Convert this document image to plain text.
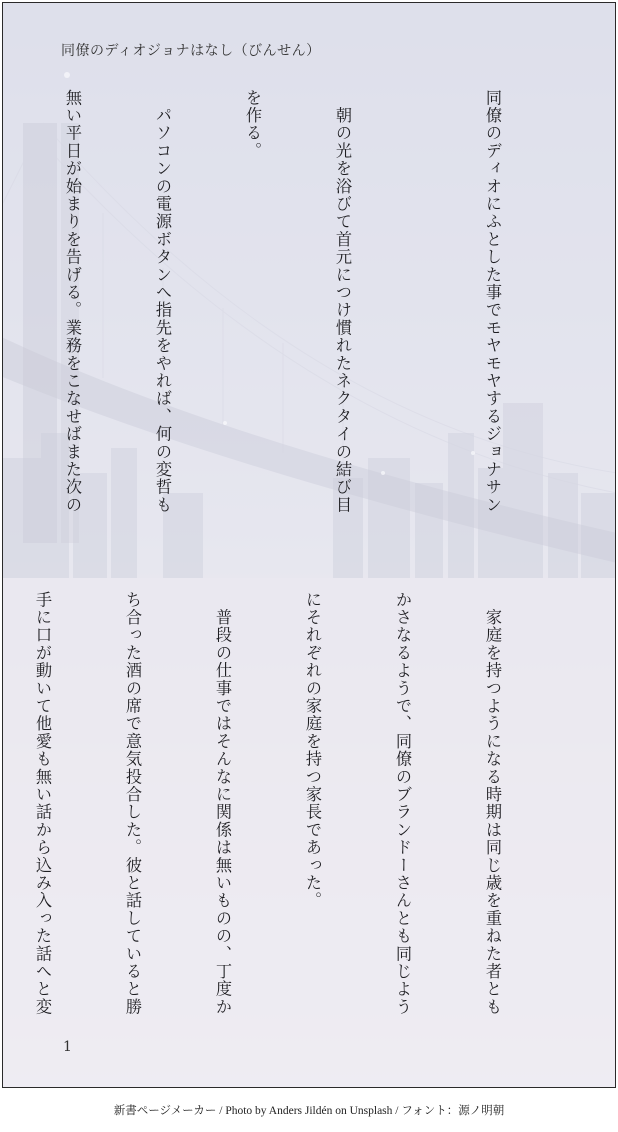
同僚のディオジョナはなし（びんせん）

同僚のディオにふとした事でモヤモヤするジョナサン

　朝の光を浴びて首元につけ慣れたネクタイの結び目

を作る。

　パソコンの電源ボタンへ指先をやれば、何の変哲も

無い平日が始まりを告げる。業務をこなせばまた次の

　家庭を持つようになる時期は同じ歳を重ねた者とも

かさなるようで、同僚のブランドーさんとも同じよう

にそれぞれの家庭を持つ家長であった。

　普段の仕事ではそんなに関係は無いものの、丁度か

ち合った酒の席で意気投合した。彼と話していると勝

手に口が動いて他愛も無い話から込み入った話へと変

1
新書ページメーカー / Photo by Anders Jildén on Unsplash / フォント：源ノ明朝
